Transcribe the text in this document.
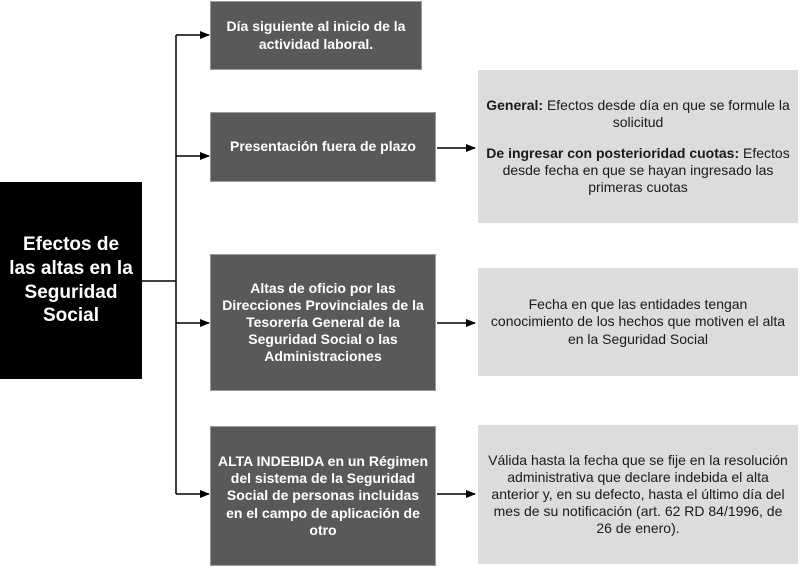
Efectos de las altas en la Seguridad Social
Día siguiente al inicio de la actividad laboral.
Presentación fuera de plazo
Altas de oficio por las Direcciones Provinciales de la Tesorería General de la Seguridad Social o las Administraciones
ALTA INDEBIDA en un Régimen del sistema de la Seguridad Social de personas incluidas en el campo de aplicación de otro
General: Efectos desde día en que se formule la solicitud
De ingresar con posterioridad cuotas: Efectos desde fecha en que se hayan ingresado las primeras cuotas
Fecha en que las entidades tengan conocimiento de los hechos que motiven el alta en la Seguridad Social
Válida hasta la fecha que se fije en la resolución administrativa que declare indebida el alta anterior y, en su defecto, hasta el último día del mes de su notificación (art. 62 RD 84/1996, de 26 de enero).
